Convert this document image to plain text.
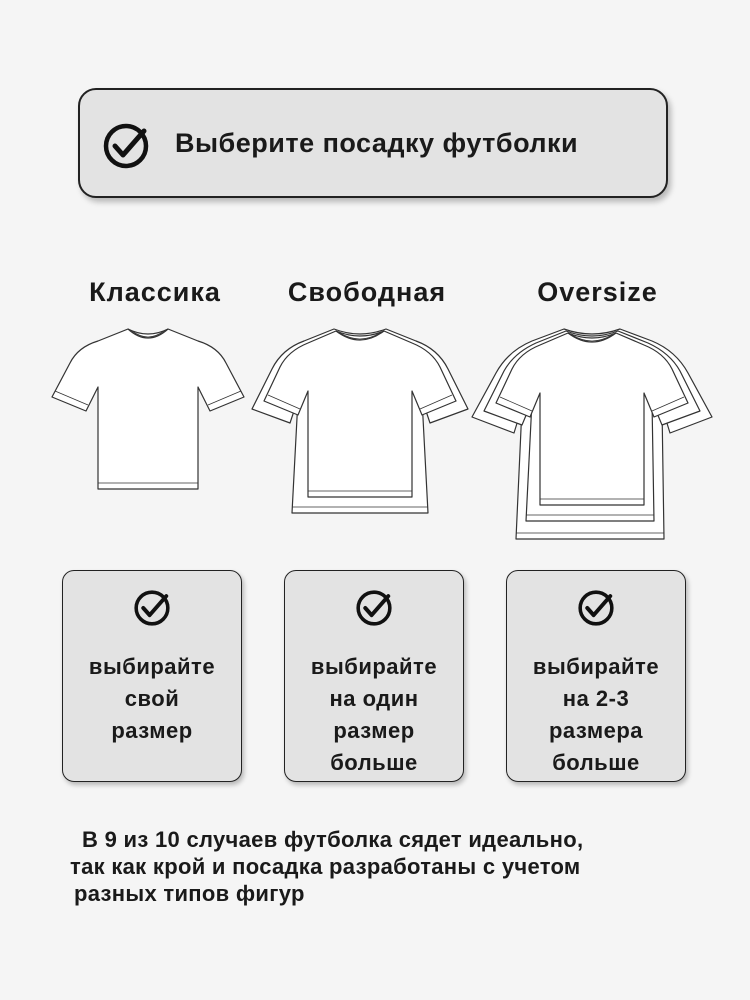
Выберите посадку футболки
Классика	Свободная	Oversize
выбирайте
свой
размер
выбирайте
на один
размер
больше
выбирайте
на 2-3
размера
больше
В 9 из 10 случаев футболка сядет идеально,
так как крой и посадка разработаны с учетом
разных типов фигур
